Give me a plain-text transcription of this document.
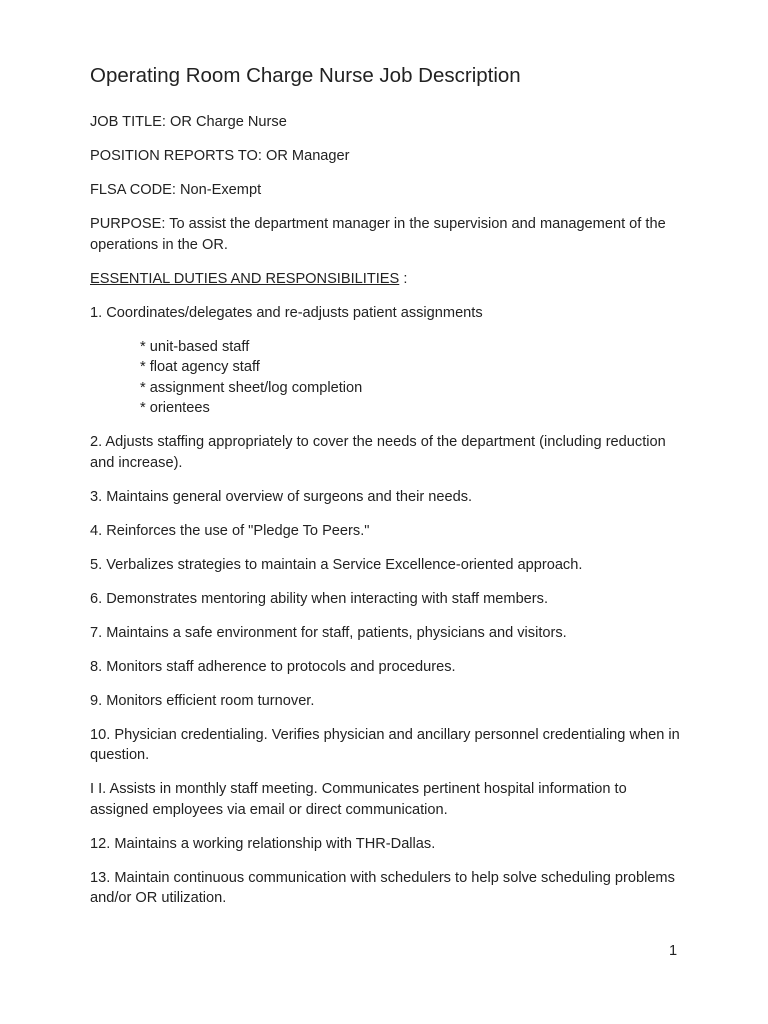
Operating Room Charge Nurse Job Description

JOB TITLE: OR Charge Nurse

POSITION REPORTS TO: OR Manager

FLSA CODE: Non-Exempt

PURPOSE: To assist the department manager in the supervision and management of the operations in the OR.

ESSENTIAL DUTIES AND RESPONSIBILITIES :

1. Coordinates/delegates and re-adjusts patient assignments

* unit-based staff
* float agency staff
* assignment sheet/log completion
* orientees

2. Adjusts staffing appropriately to cover the needs of the department (including reduction and increase).

3. Maintains general overview of surgeons and their needs.

4. Reinforces the use of "Pledge To Peers."

5. Verbalizes strategies to maintain a Service Excellence-oriented approach.

6. Demonstrates mentoring ability when interacting with staff members.

7. Maintains a safe environment for staff, patients, physicians and visitors.

8. Monitors staff adherence to protocols and procedures.

9. Monitors efficient room turnover.

10. Physician credentialing. Verifies physician and ancillary personnel credentialing when in question.

I I. Assists in monthly staff meeting. Communicates pertinent hospital information to assigned employees via email or direct communication.

12. Maintains a working relationship with THR-Dallas.

13. Maintain continuous communication with schedulers to help solve scheduling problems and/or OR utilization.

1
